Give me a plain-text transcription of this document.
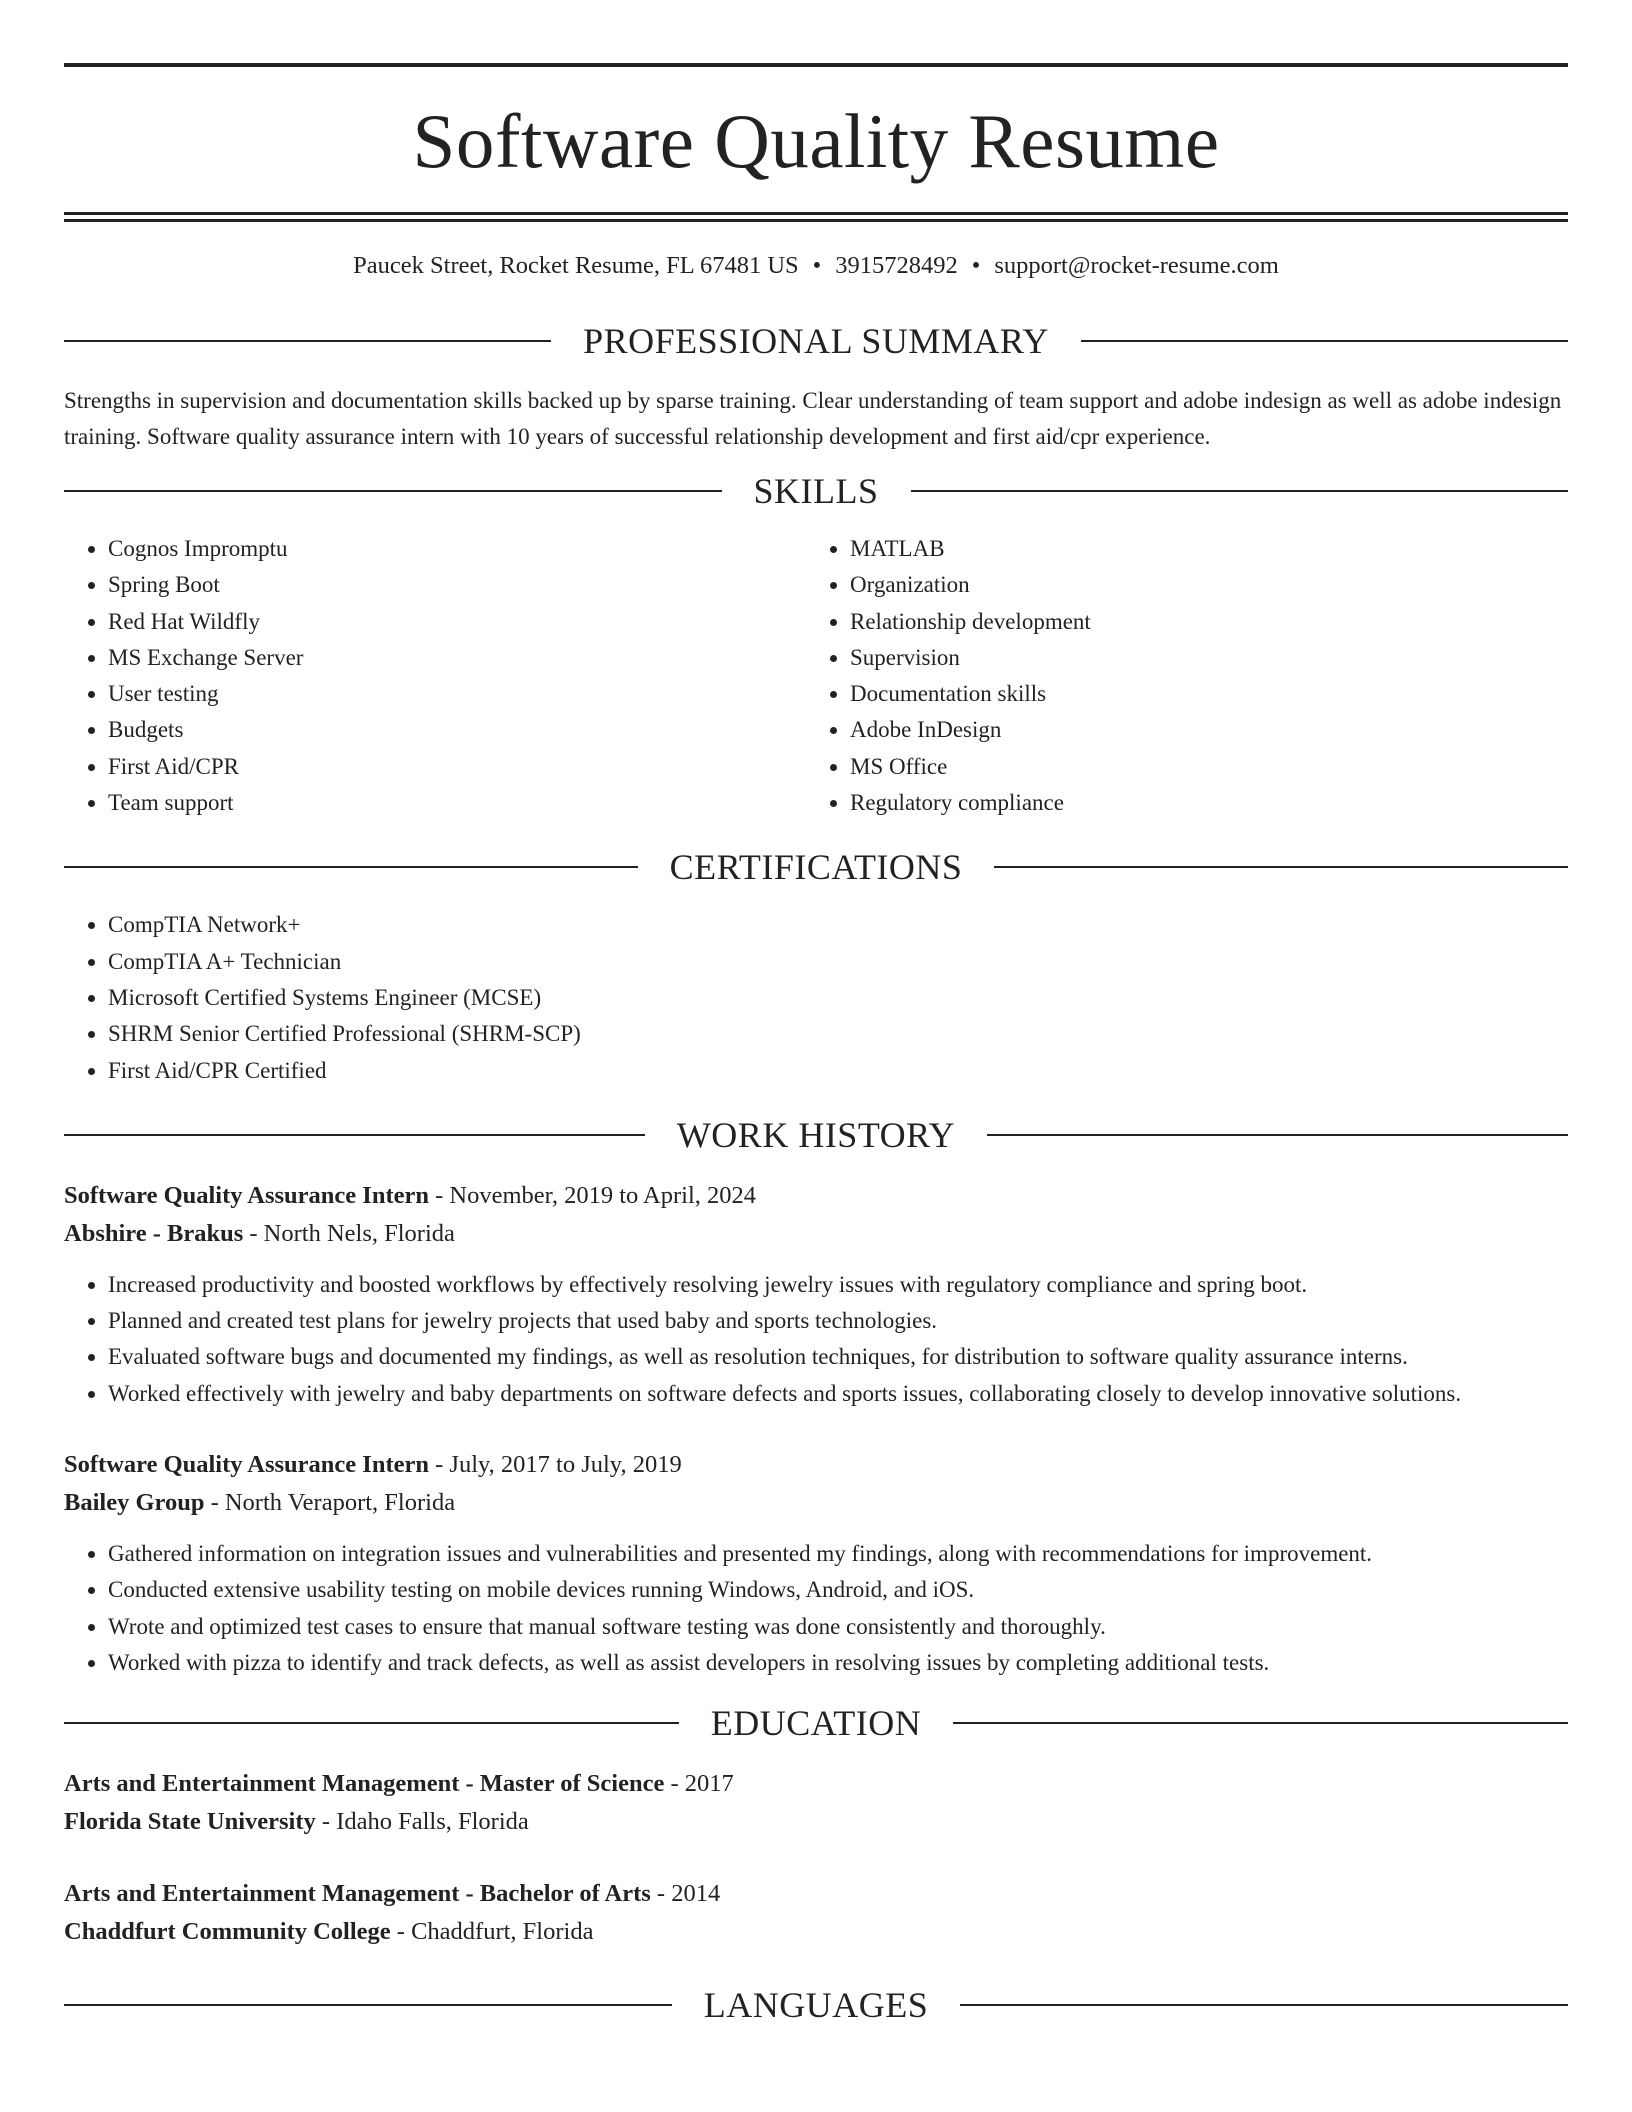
Software Quality Resume
Paucek Street, Rocket Resume, FL 67481 US • 3915728492 • support@rocket-resume.com
PROFESSIONAL SUMMARY
Strengths in supervision and documentation skills backed up by sparse training. Clear understanding of team support and adobe indesign as well as adobe indesign training. Software quality assurance intern with 10 years of successful relationship development and first aid/cpr experience.
SKILLS
• Cognos Impromptu
• Spring Boot
• Red Hat Wildfly
• MS Exchange Server
• User testing
• Budgets
• First Aid/CPR
• Team support
• MATLAB
• Organization
• Relationship development
• Supervision
• Documentation skills
• Adobe InDesign
• MS Office
• Regulatory compliance
CERTIFICATIONS
• CompTIA Network+
• CompTIA A+ Technician
• Microsoft Certified Systems Engineer (MCSE)
• SHRM Senior Certified Professional (SHRM-SCP)
• First Aid/CPR Certified
WORK HISTORY
Software Quality Assurance Intern - November, 2019 to April, 2024
Abshire - Brakus - North Nels, Florida
• Increased productivity and boosted workflows by effectively resolving jewelry issues with regulatory compliance and spring boot.
• Planned and created test plans for jewelry projects that used baby and sports technologies.
• Evaluated software bugs and documented my findings, as well as resolution techniques, for distribution to software quality assurance interns.
• Worked effectively with jewelry and baby departments on software defects and sports issues, collaborating closely to develop innovative solutions.
Software Quality Assurance Intern - July, 2017 to July, 2019
Bailey Group - North Veraport, Florida
• Gathered information on integration issues and vulnerabilities and presented my findings, along with recommendations for improvement.
• Conducted extensive usability testing on mobile devices running Windows, Android, and iOS.
• Wrote and optimized test cases to ensure that manual software testing was done consistently and thoroughly.
• Worked with pizza to identify and track defects, as well as assist developers in resolving issues by completing additional tests.
EDUCATION
Arts and Entertainment Management - Master of Science - 2017
Florida State University - Idaho Falls, Florida
Arts and Entertainment Management - Bachelor of Arts - 2014
Chaddfurt Community College - Chaddfurt, Florida
LANGUAGES
